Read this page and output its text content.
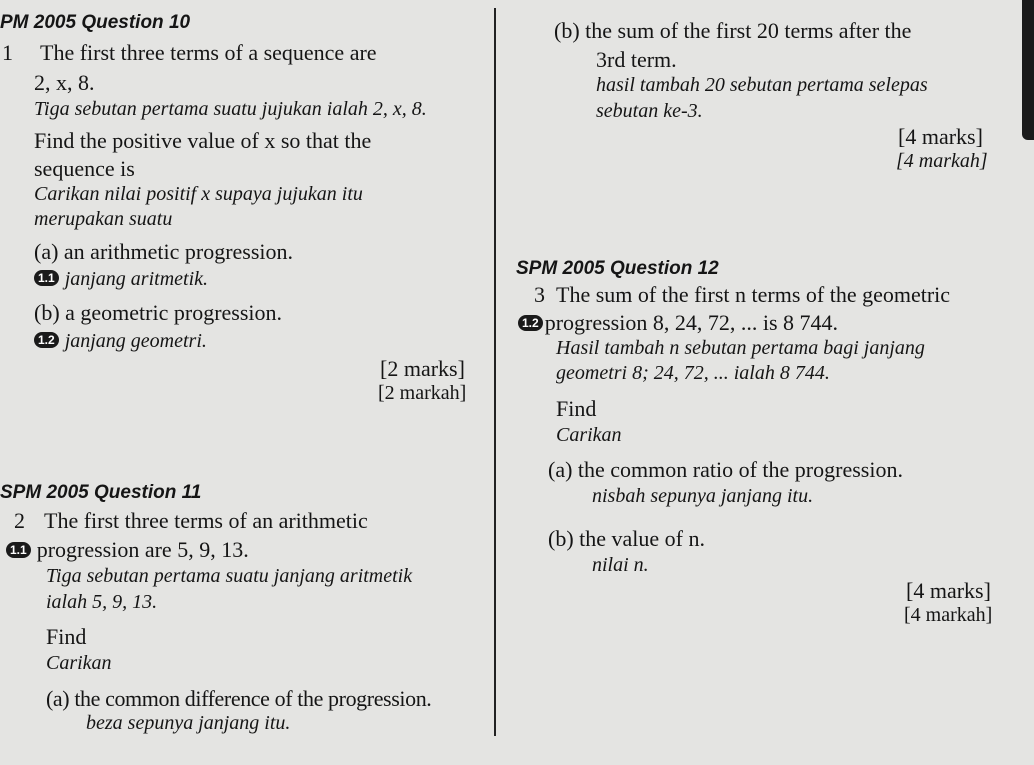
PM 2005 Question 10
1 The first three terms of a sequence are
2, x, 8.
Tiga sebutan pertama suatu jujukan ialah 2, x, 8.
Find the positive value of x so that the
sequence is
Carikan nilai positif x supaya jujukan itu
merupakan suatu
(a) an arithmetic progression.
1.1 janjang aritmetik.
(b) a geometric progression.
1.2 janjang geometri.
[2 marks]
[2 markah]
SPM 2005 Question 11
2 The first three terms of an arithmetic
1.1 progression are 5, 9, 13.
Tiga sebutan pertama suatu janjang aritmetik
ialah 5, 9, 13.
Find
Carikan
(a) the common difference of the progression.
beza sepunya janjang itu.
(b) the sum of the first 20 terms after the
3rd term.
hasil tambah 20 sebutan pertama selepas
sebutan ke-3.
[4 marks]
[4 markah]
SPM 2005 Question 12
3 The sum of the first n terms of the geometric
1.2 progression 8, 24, 72, ... is 8 744.
Hasil tambah n sebutan pertama bagi janjang
geometri 8; 24, 72, ... ialah 8 744.
Find
Carikan
(a) the common ratio of the progression.
nisbah sepunya janjang itu.
(b) the value of n.
nilai n.
[4 marks]
[4 markah]
